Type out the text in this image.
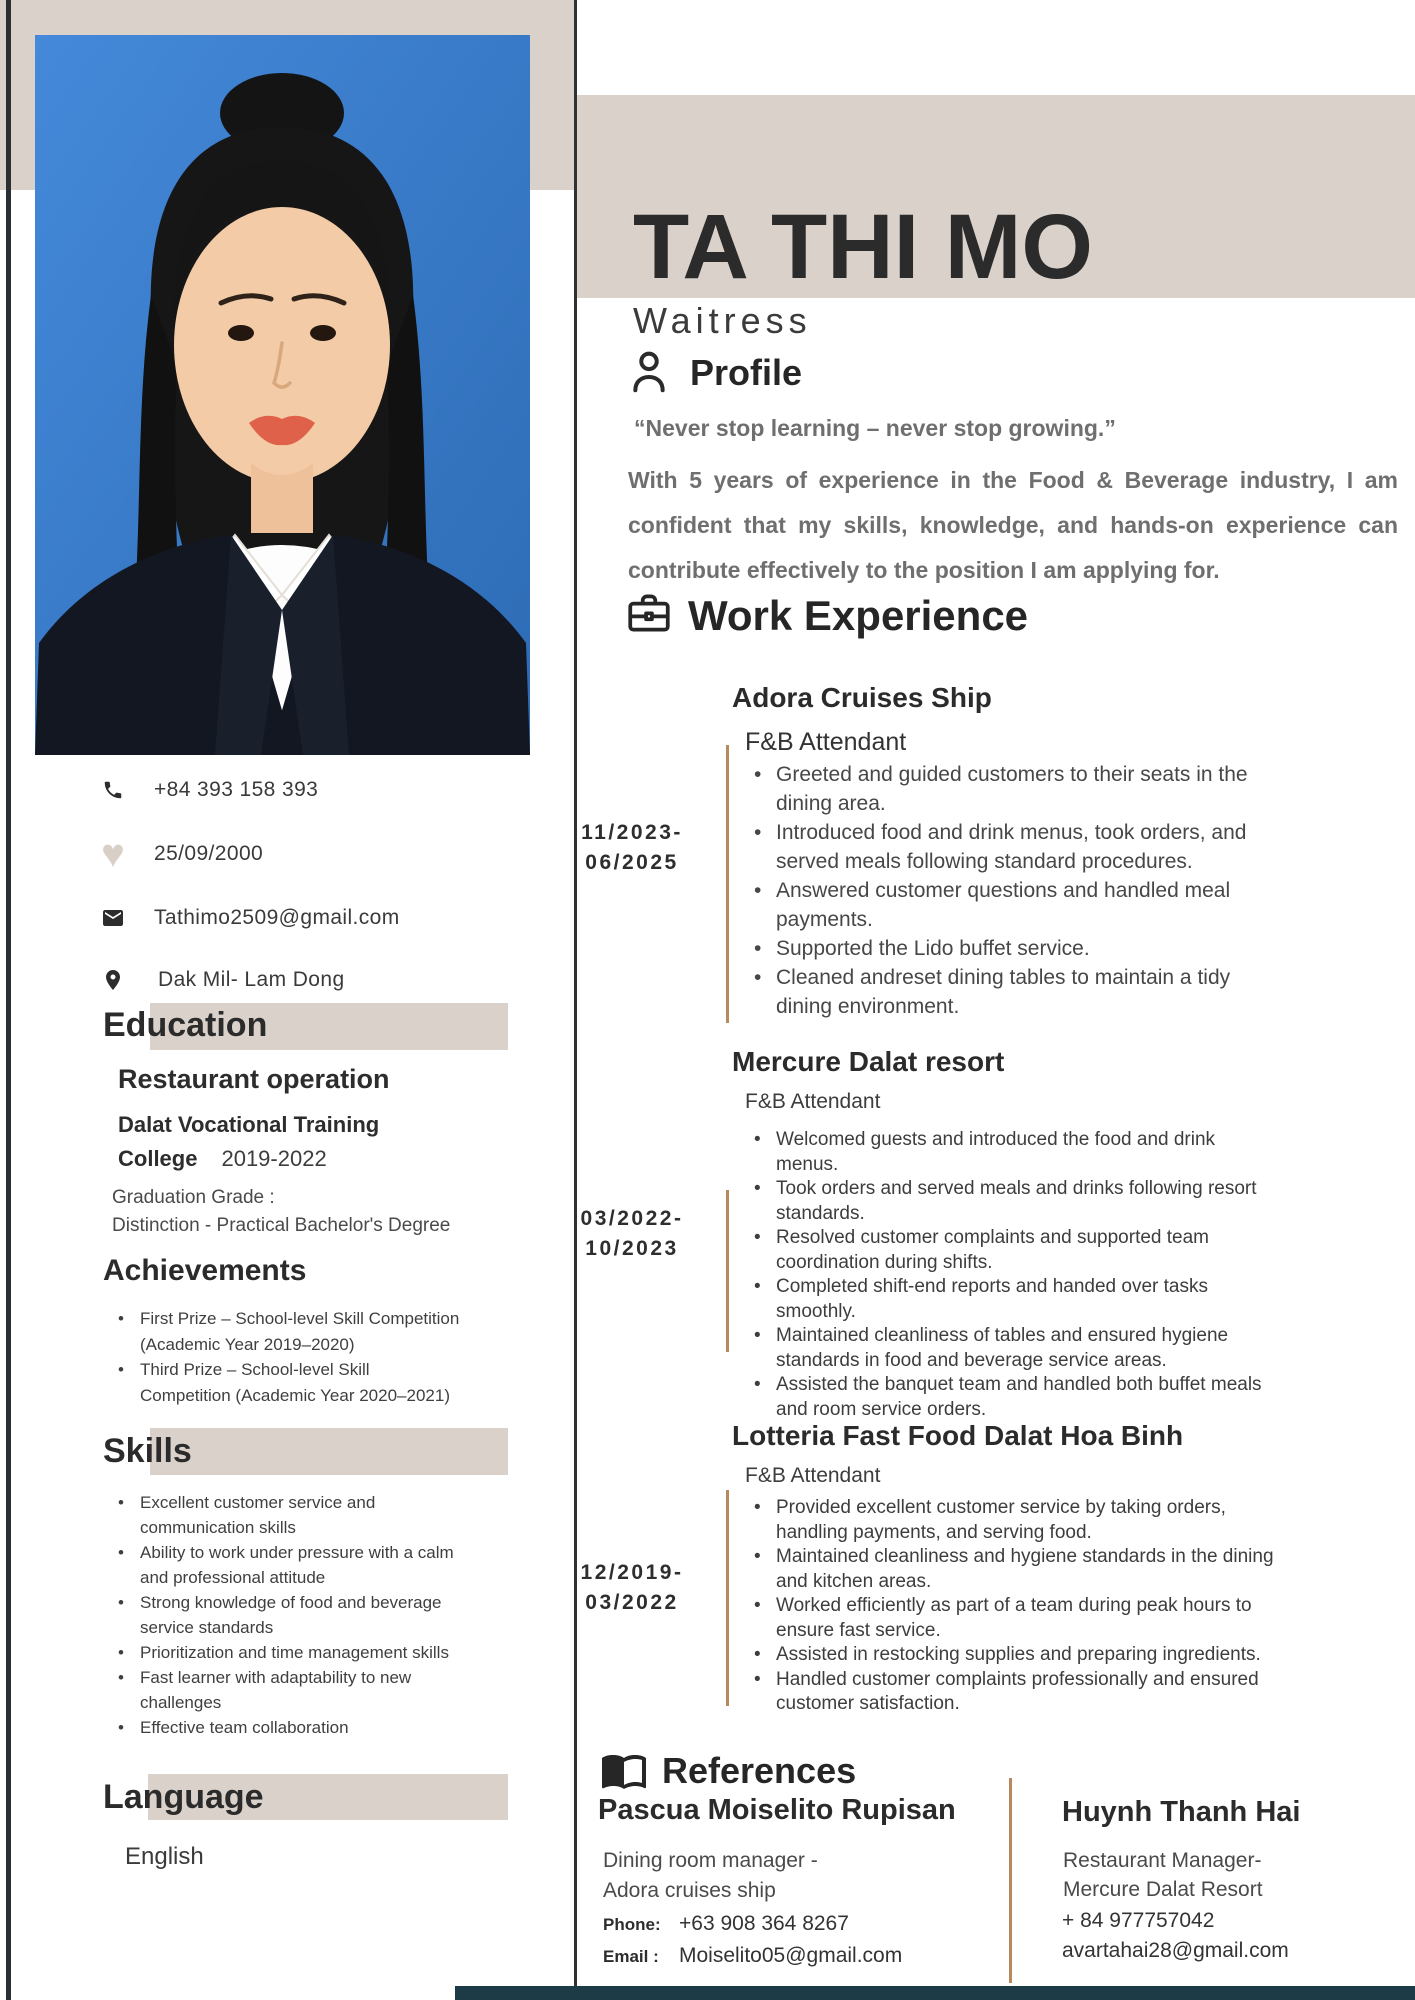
+84 393 158 393
♥ 25/09/2000
Tathimo2509@gmail.com
Dak Mil- Lam Dong
Education
Restaurant operation
Dalat Vocational Training
College 2019-2022
Graduation Grade :
Distinction - Practical Bachelor's Degree
Achievements
• First Prize – School-level Skill Competition (Academic Year 2019–2020)
• Third Prize – School-level Skill Competition (Academic Year 2020–2021)
Skills
• Excellent customer service and communication skills
• Ability to work under pressure with a calm and professional attitude
• Strong knowledge of food and beverage service standards
• Prioritization and time management skills
• Fast learner with adaptability to new challenges
• Effective team collaboration
Language
English
TA THI MO
Waitress
Profile
“Never stop learning – never stop growing.”
With 5 years of experience in the Food & Beverage industry, I am confident that my skills, knowledge, and hands-on experience can contribute effectively to the position I am applying for.
Work Experience
Adora Cruises Ship
F&B Attendant
11/2023-
06/2025
• Greeted and guided customers to their seats in the dining area.
• Introduced food and drink menus, took orders, and served meals following standard procedures.
• Answered customer questions and handled meal payments.
• Supported the Lido buffet service.
• Cleaned andreset dining tables to maintain a tidy dining environment.
Mercure Dalat resort
F&B Attendant
03/2022-
10/2023
• Welcomed guests and introduced the food and drink menus.
• Took orders and served meals and drinks following resort standards.
• Resolved customer complaints and supported team coordination during shifts.
• Completed shift-end reports and handed over tasks smoothly.
• Maintained cleanliness of tables and ensured hygiene standards in food and beverage service areas.
• Assisted the banquet team and handled both buffet meals and room service orders.
Lotteria Fast Food Dalat Hoa Binh
F&B Attendant
12/2019-
03/2022
• Provided excellent customer service by taking orders, handling payments, and serving food.
• Maintained cleanliness and hygiene standards in the dining and kitchen areas.
• Worked efficiently as part of a team during peak hours to ensure fast service.
• Assisted in restocking supplies and preparing ingredients.
• Handled customer complaints professionally and ensured customer satisfaction.
References
Pascua Moiselito Rupisan
Dining room manager -
Adora cruises ship
Phone: +63 908 364 8267
Email : Moiselito05@gmail.com
Huynh Thanh Hai
Restaurant Manager-
Mercure Dalat Resort
+ 84 977757042
avartahai28@gmail.com
